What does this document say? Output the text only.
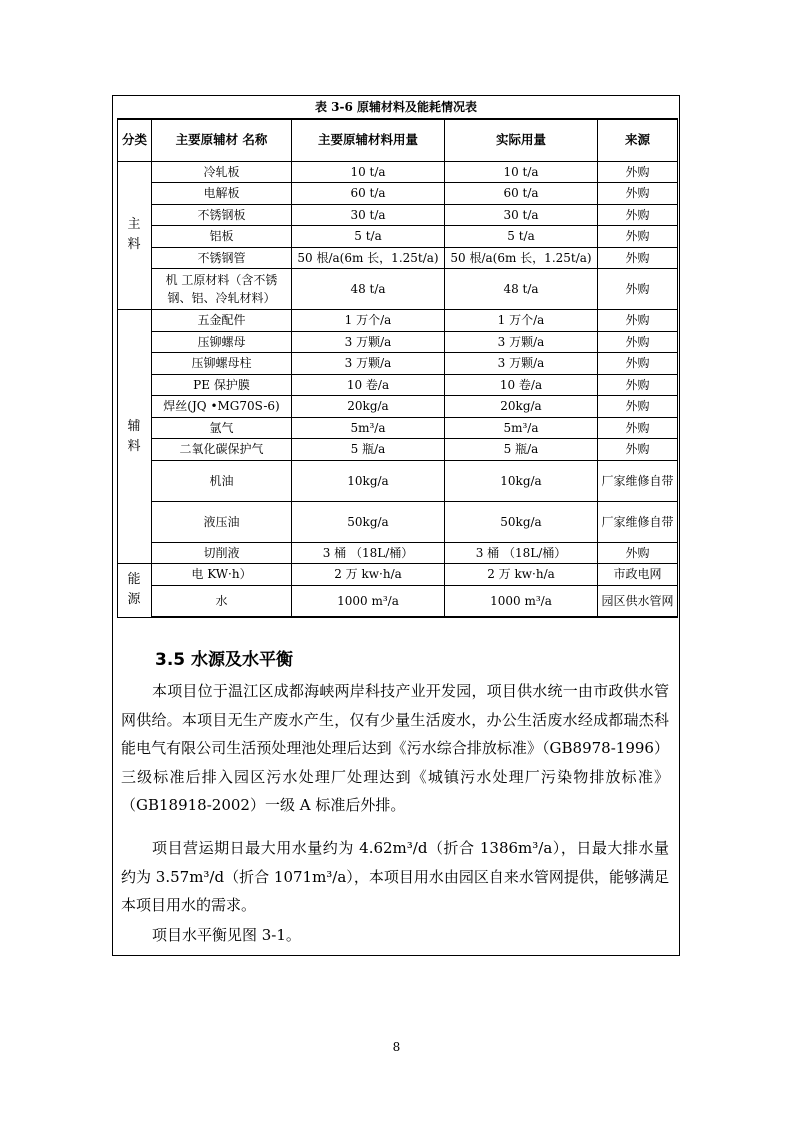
表 3-6 原辅材料及能耗情况表
分类	主要原辅材 名称	主要原辅材料用量	实际用量	来源

主
料	冷轧板	10 t/a	10 t/a	外购
	电解板	60 t/a	60 t/a	外购
	不锈钢板	30 t/a	30 t/a	外购
	铝板	5 t/a	5 t/a	外购
	不锈钢管	50 根/a(6m 长，1.25t/a)	50 根/a(6m 长，1.25t/a)	外购
	机 工原材料（含不锈钢、铝、冷轧材料）	48 t/a	48 t/a	外购

辅
料	五金配件	1 万个/a	1 万个/a	外购
	压铆螺母	3 万颗/a	3 万颗/a	外购
	压铆螺母柱	3 万颗/a	3 万颗/a	外购
	PE 保护膜	10 卷/a	10 卷/a	外购
	焊丝(JQ •MG70S-6)	20kg/a	20kg/a	外购
	氩气	5m³/a	5m³/a	外购
	二氧化碳保护气	5 瓶/a	5 瓶/a	外购
	机油	10kg/a	10kg/a	厂家维修自带
	液压油	50kg/a	50kg/a	厂家维修自带
	切削液	3 桶 （18L/桶）	3 桶 （18L/桶）	外购

能
源	电 KW·h）	2 万 kw·h/a	2 万 kw·h/a	市政电网
	水	1000 m³/a	1000 m³/a	园区供水管网
3.5 水源及水平衡

本项目位于温江区成都海峡两岸科技产业开发园，项目供水统一由市政供水管网供给。本项目无生产废水产生，仅有少量生活废水，办公生活废水经成都瑞杰科能电气有限公司生活预处理池处理后达到《污水综合排放标准》（GB8978-1996）三级标准后排入园区污水处理厂处理达到《城镇污水处理厂污染物排放标准》（GB18918-2002）一级 A 标准后外排。

项目营运期日最大用水量约为 4.62m³/d（折合 1386m³/a），日最大排水量约为 3.57m³/d（折合 1071m³/a），本项目用水由园区自来水管网提供，能够满足本项目用水的需求。

项目水平衡见图 3-1。

8
